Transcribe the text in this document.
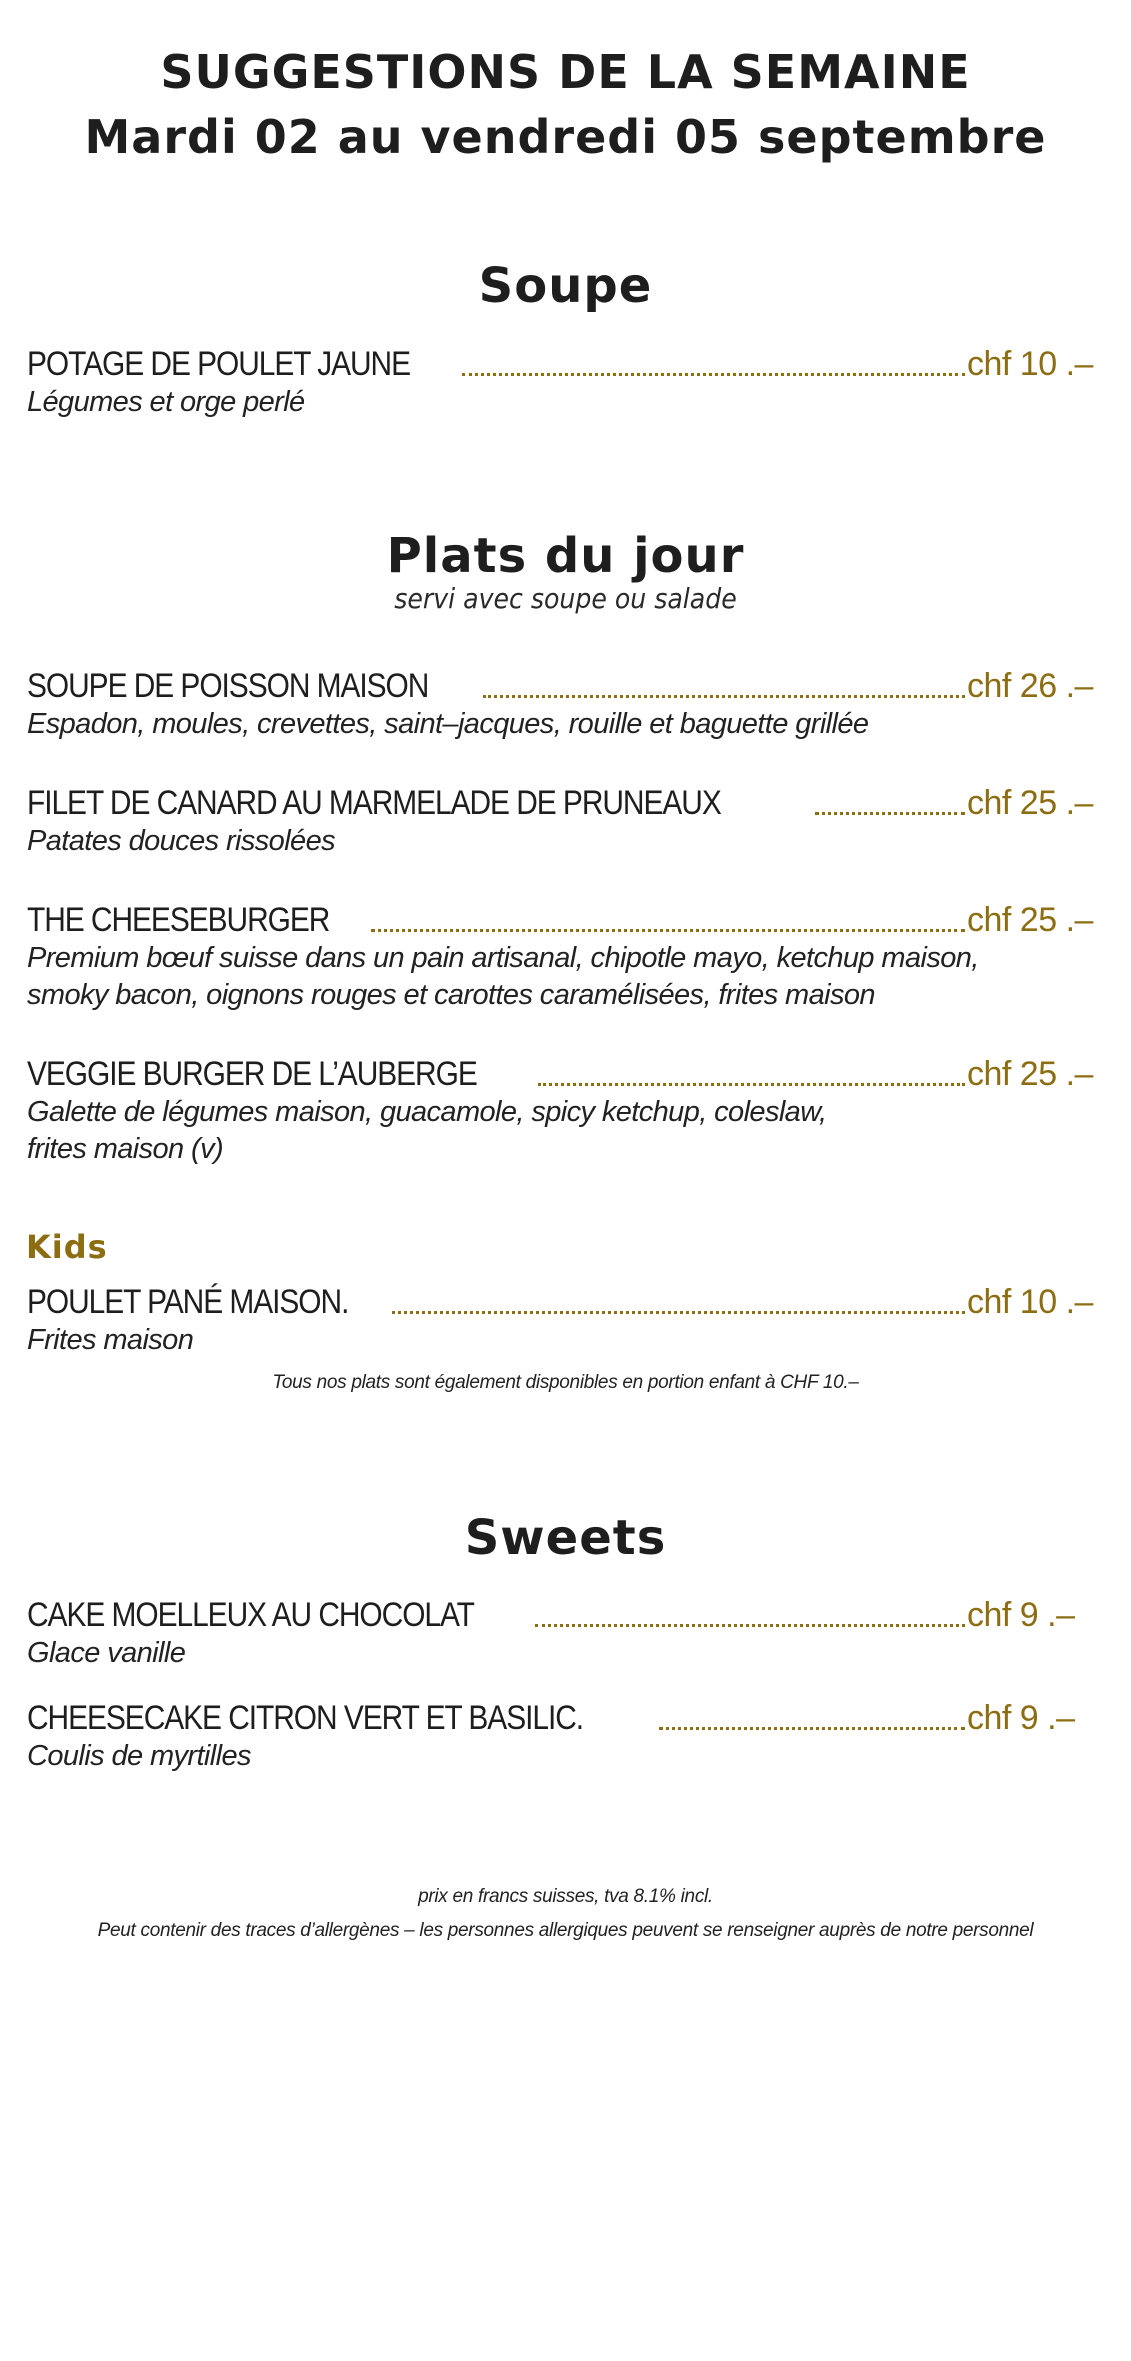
SUGGESTIONS DE LA SEMAINE
Mardi 02 au vendredi 05 septembre
Soupe
POTAGE DE POULET JAUNE	chf 10 .–
Légumes et orge perlé
Plats du jour
servi avec soupe ou salade
SOUPE DE POISSON MAISON	chf 26 .–
Espadon, moules, crevettes, saint–jacques, rouille et baguette grillée
FILET DE CANARD AU MARMELADE DE PRUNEAUX	chf 25 .–
Patates douces rissolées
THE CHEESEBURGER	chf 25 .–
Premium bœuf suisse dans un pain artisanal, chipotle mayo, ketchup maison,
smoky bacon, oignons rouges et carottes caramélisées, frites maison
VEGGIE BURGER DE L’AUBERGE	chf 25 .–
Galette de légumes maison, guacamole, spicy ketchup, coleslaw,
frites maison (v)
Kids
POULET PANÉ MAISON.	chf 10 .–
Frites maison
Tous nos plats sont également disponibles en portion enfant à CHF 10.–
Sweets
CAKE MOELLEUX AU CHOCOLAT	chf 9 .–
Glace vanille
CHEESECAKE CITRON VERT ET BASILIC.	chf 9 .–
Coulis de myrtilles
prix en francs suisses, tva 8.1% incl.
Peut contenir des traces d’allergènes – les personnes allergiques peuvent se renseigner auprès de notre personnel
